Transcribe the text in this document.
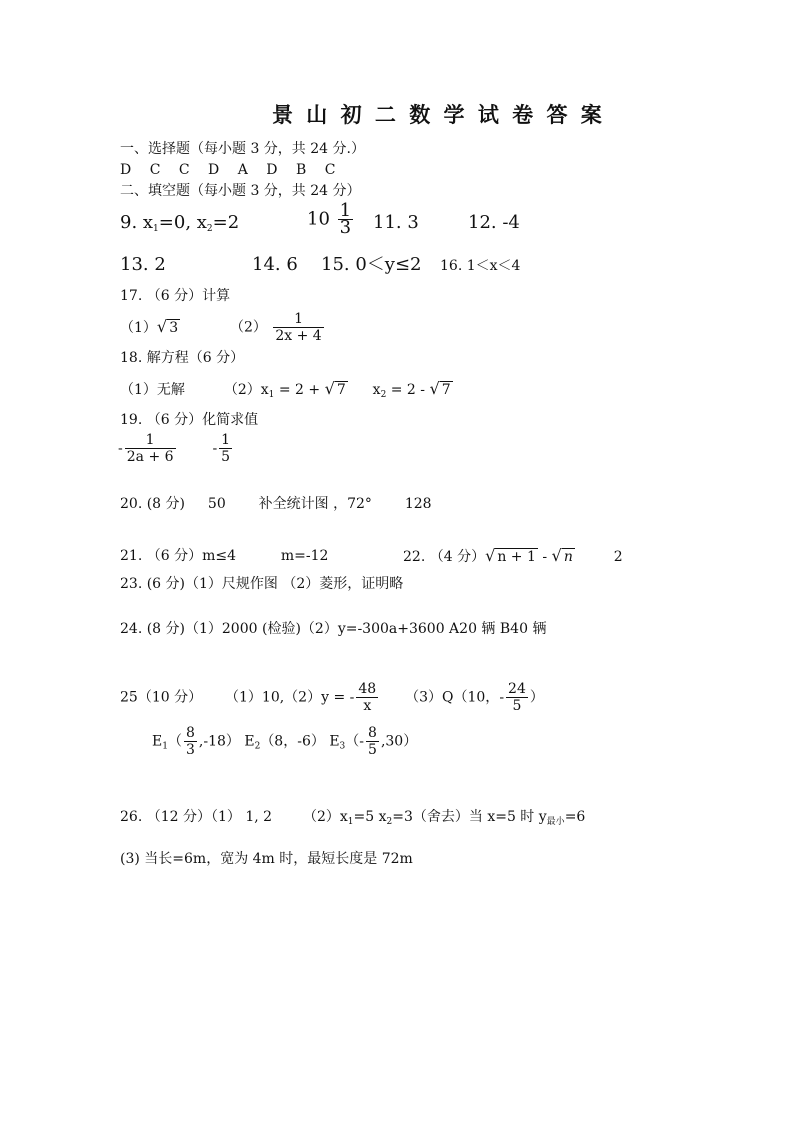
景 山 初 二 数 学 试 卷 答 案
一、选择题（每小题 3 分，共 24 分.）
D C C D A D B C
二、填空题（每小题 3 分，共 24 分）
9. $x_1=0$, $x_2=2$	$10 \frac{1}{3} 11$. 3	12. -4
13. 2	14. 6 15. 0＜y≤2 16. 1＜x＜4
17. （6 分）计算
（1）√ 3	$(2) \frac{1}{2x + 4}$
18. 解方程（6 分）
（1）无解	$(2)x_1 = 2$ + √ 7 $x_2 = 2$ - √ 7
19. （6 分）化简求值
- $\frac{1}{2a + 6}$	- $\frac{1}{5}$
20. (8 分) 50 补全统计图 ，72° 128
21. （6 分）m≤4	m=-12	22. （4 分）√ n + 1 - √ n	2
23. (6 分)（1）尺规作图 （2）菱形，证明略
24. (8 分)（1）2000 (检验)（2）y=-300a+3600 A20 辆 B40 辆
25（10 分） （1）10,（2）y = - $\frac{48}{x} (3)Q(10$，- $\frac{24}{5}$ ）
$E_1( \frac{8}{3} ,-18)$ $E_2(8$，-6） $E_3(- \frac{8}{5} ,30)$
26. （12 分）（1） 1, 2 $(2)x_1=5$ $x_2=3$（舍去）当 x=5 时 $y_{最小}=6$
(3) 当长=6m，宽为 4m 时，最短长度是 72m
